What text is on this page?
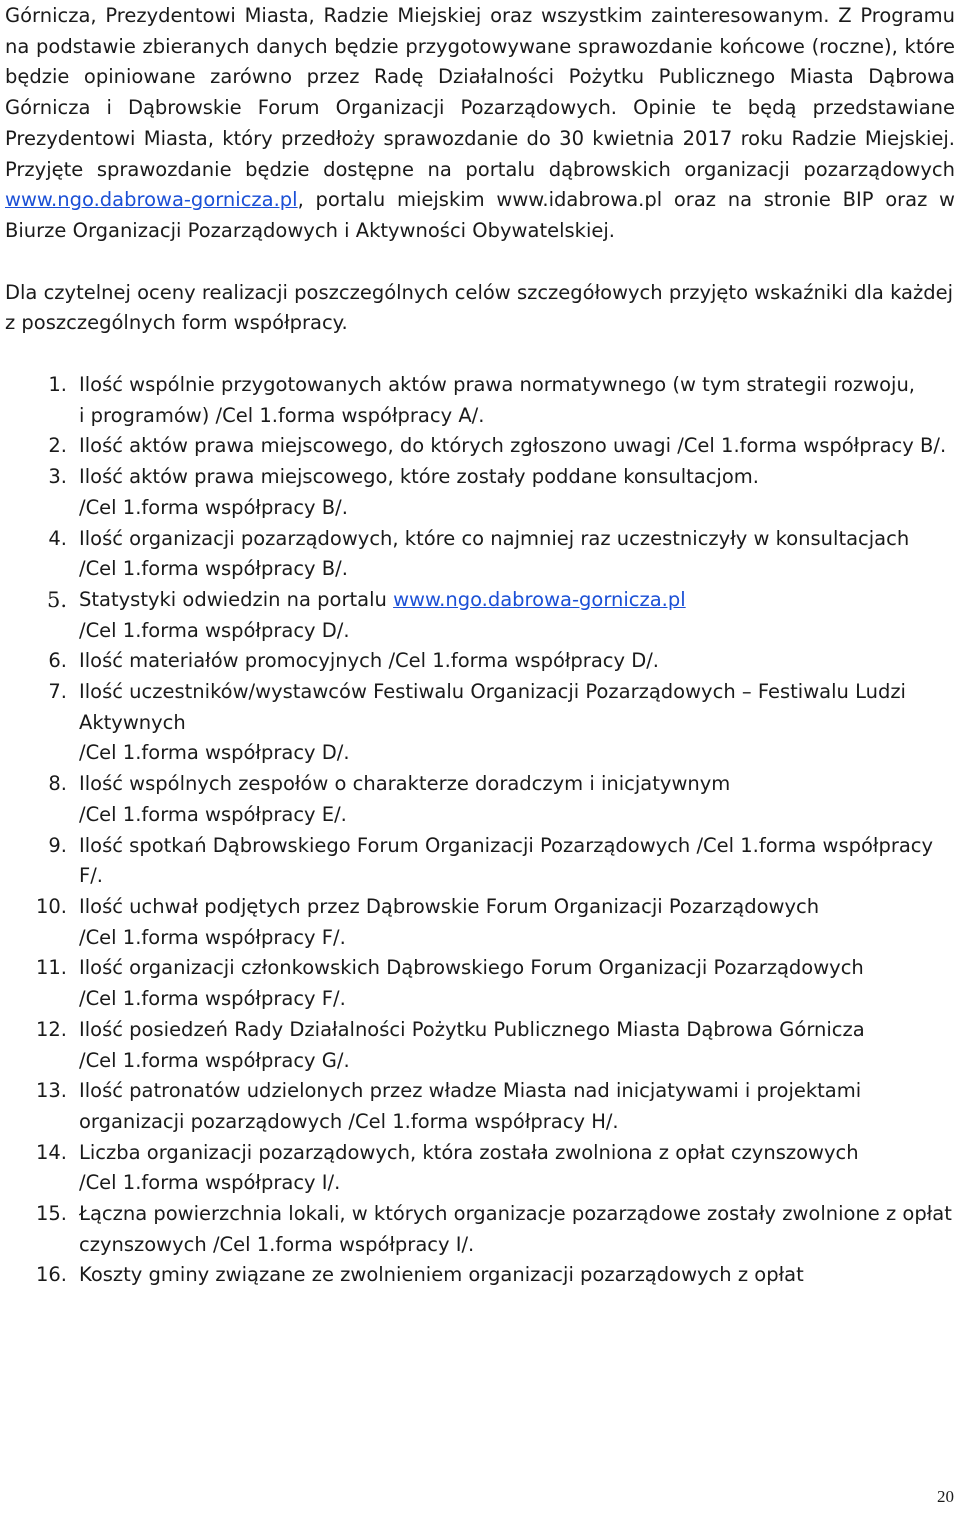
Górnicza, Prezydentowi Miasta, Radzie Miejskiej oraz wszystkim zainteresowanym. Z Programu na podstawie zbieranych danych będzie przygotowywane sprawozdanie końcowe (roczne), które będzie opiniowane zarówno przez Radę Działalności Pożytku Publicznego Miasta Dąbrowa Górnicza i Dąbrowskie Forum Organizacji Pozarządowych. Opinie te będą przedstawiane Prezydentowi Miasta, który przedłoży sprawozdanie do 30 kwietnia 2017 roku Radzie Miejskiej. Przyjęte sprawozdanie będzie dostępne na portalu dąbrowskich organizacji pozarządowych www.ngo.dabrowa-gornicza.pl, portalu miejskim www.idabrowa.pl oraz na stronie BIP oraz w Biurze Organizacji Pozarządowych i Aktywności Obywatelskiej.

Dla czytelnej oceny realizacji poszczególnych celów szczegółowych przyjęto wskaźniki dla każdej
z poszczególnych form współpracy.

1. Ilość wspólnie przygotowanych aktów prawa normatywnego (w tym strategii rozwoju,
i programów) /Cel 1.forma współpracy A/.
2. Ilość aktów prawa miejscowego, do których zgłoszono uwagi /Cel 1.forma współpracy B/.
3. Ilość aktów prawa miejscowego, które zostały poddane konsultacjom.
/Cel 1.forma współpracy B/.
4. Ilość organizacji pozarządowych, które co najmniej raz uczestniczyły w konsultacjach
/Cel 1.forma współpracy B/.
5. Statystyki odwiedzin na portalu www.ngo.dabrowa-gornicza.pl
/Cel 1.forma współpracy D/.
6. Ilość materiałów promocyjnych /Cel 1.forma współpracy D/.
7. Ilość uczestników/wystawców Festiwalu Organizacji Pozarządowych – Festiwalu Ludzi Aktywnych
/Cel 1.forma współpracy D/.
8. Ilość wspólnych zespołów o charakterze doradczym i inicjatywnym
/Cel 1.forma współpracy E/.
9. Ilość spotkań Dąbrowskiego Forum Organizacji Pozarządowych /Cel 1.forma współpracy F/.
10. Ilość uchwał podjętych przez Dąbrowskie Forum Organizacji Pozarządowych
/Cel 1.forma współpracy F/.
11. Ilość organizacji członkowskich Dąbrowskiego Forum Organizacji Pozarządowych
/Cel 1.forma współpracy F/.
12. Ilość posiedzeń Rady Działalności Pożytku Publicznego Miasta Dąbrowa Górnicza
/Cel 1.forma współpracy G/.
13. Ilość patronatów udzielonych przez władze Miasta nad inicjatywami i projektami organizacji pozarządowych /Cel 1.forma współpracy H/.
14. Liczba organizacji pozarządowych, która została zwolniona z opłat czynszowych
/Cel 1.forma współpracy I/.
15. Łączna powierzchnia lokali, w których organizacje pozarządowe zostały zwolnione z opłat czynszowych /Cel 1.forma współpracy I/.
16. Koszty gminy związane ze zwolnieniem organizacji pozarządowych z opłat
20
